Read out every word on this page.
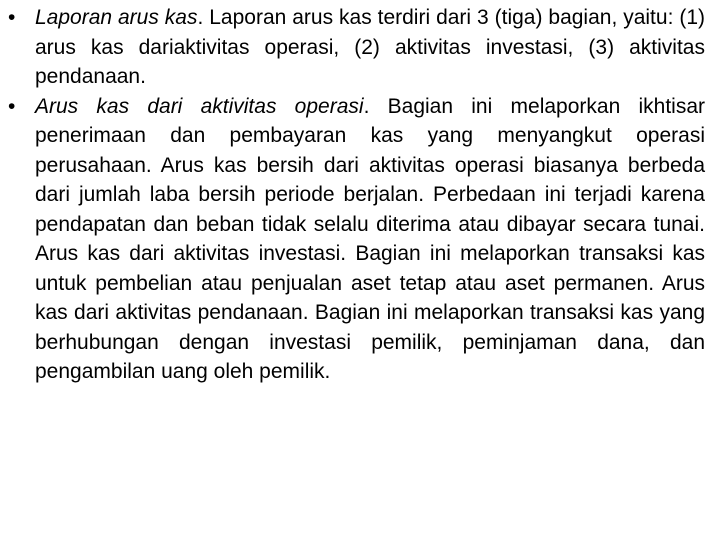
• Laporan arus kas. Laporan arus kas terdiri dari 3 (tiga) bagian, yaitu: (1) arus kas dariaktivitas operasi, (2) aktivitas investasi, (3) aktivitas pendanaan.
• Arus kas dari aktivitas operasi. Bagian ini melaporkan ikhtisar penerimaan dan pembayaran kas yang menyangkut operasi perusahaan. Arus kas bersih dari aktivitas operasi biasanya berbeda dari jumlah laba bersih periode berjalan. Perbedaan ini terjadi karena pendapatan dan beban tidak selalu diterima atau dibayar secara tunai. Arus kas dari aktivitas investasi. Bagian ini melaporkan transaksi kas untuk pembelian atau penjualan aset tetap atau aset permanen. Arus kas dari aktivitas pendanaan. Bagian ini melaporkan transaksi kas yang berhubungan dengan investasi pemilik, peminjaman dana, dan pengambilan uang oleh pemilik.
